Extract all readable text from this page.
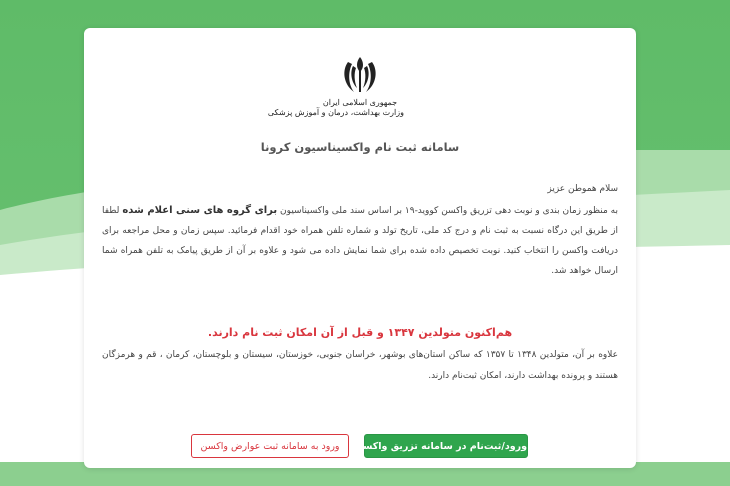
جمهوری اسلامی ایران
وزارت بهداشت، درمان و آموزش پزشکی
سامانه ثبت نام واکسیناسیون کرونا
سلام هموطن عزیز
به منظور زمان بندی و نوبت دهی تزریق واکسن کووید-۱۹ بر اساس سند ملی واکسیناسیون برای گروه های سنی اعلام شده لطفا از طریق این درگاه نسبت به ثبت نام و درج کد ملی، تاریخ تولد و شماره تلفن همراه خود اقدام فرمائید. سپس زمان و محل مراجعه برای دریافت واکسن را انتخاب کنید. نوبت تخصیص داده شده برای شما نمایش داده می شود و علاوه بر آن از طریق پیامک به تلفن همراه شما ارسال خواهد شد.
هم‌اکنون متولدین ۱۳۴۷ و قبل از آن امکان ثبت نام دارند.
علاوه بر آن، متولدین ۱۳۴۸ تا ۱۳۵۷ که ساکن استان‌های بوشهر، خراسان جنوبی، خوزستان، سیستان و بلوچستان، کرمان ، قم و هرمزگان هستند و پرونده بهداشت دارند، امکان ثبت‌نام دارند.
ورود/ثبت‌نام در سامانه تزریق واکسن
ورود به سامانه ثبت عوارض واکسن
